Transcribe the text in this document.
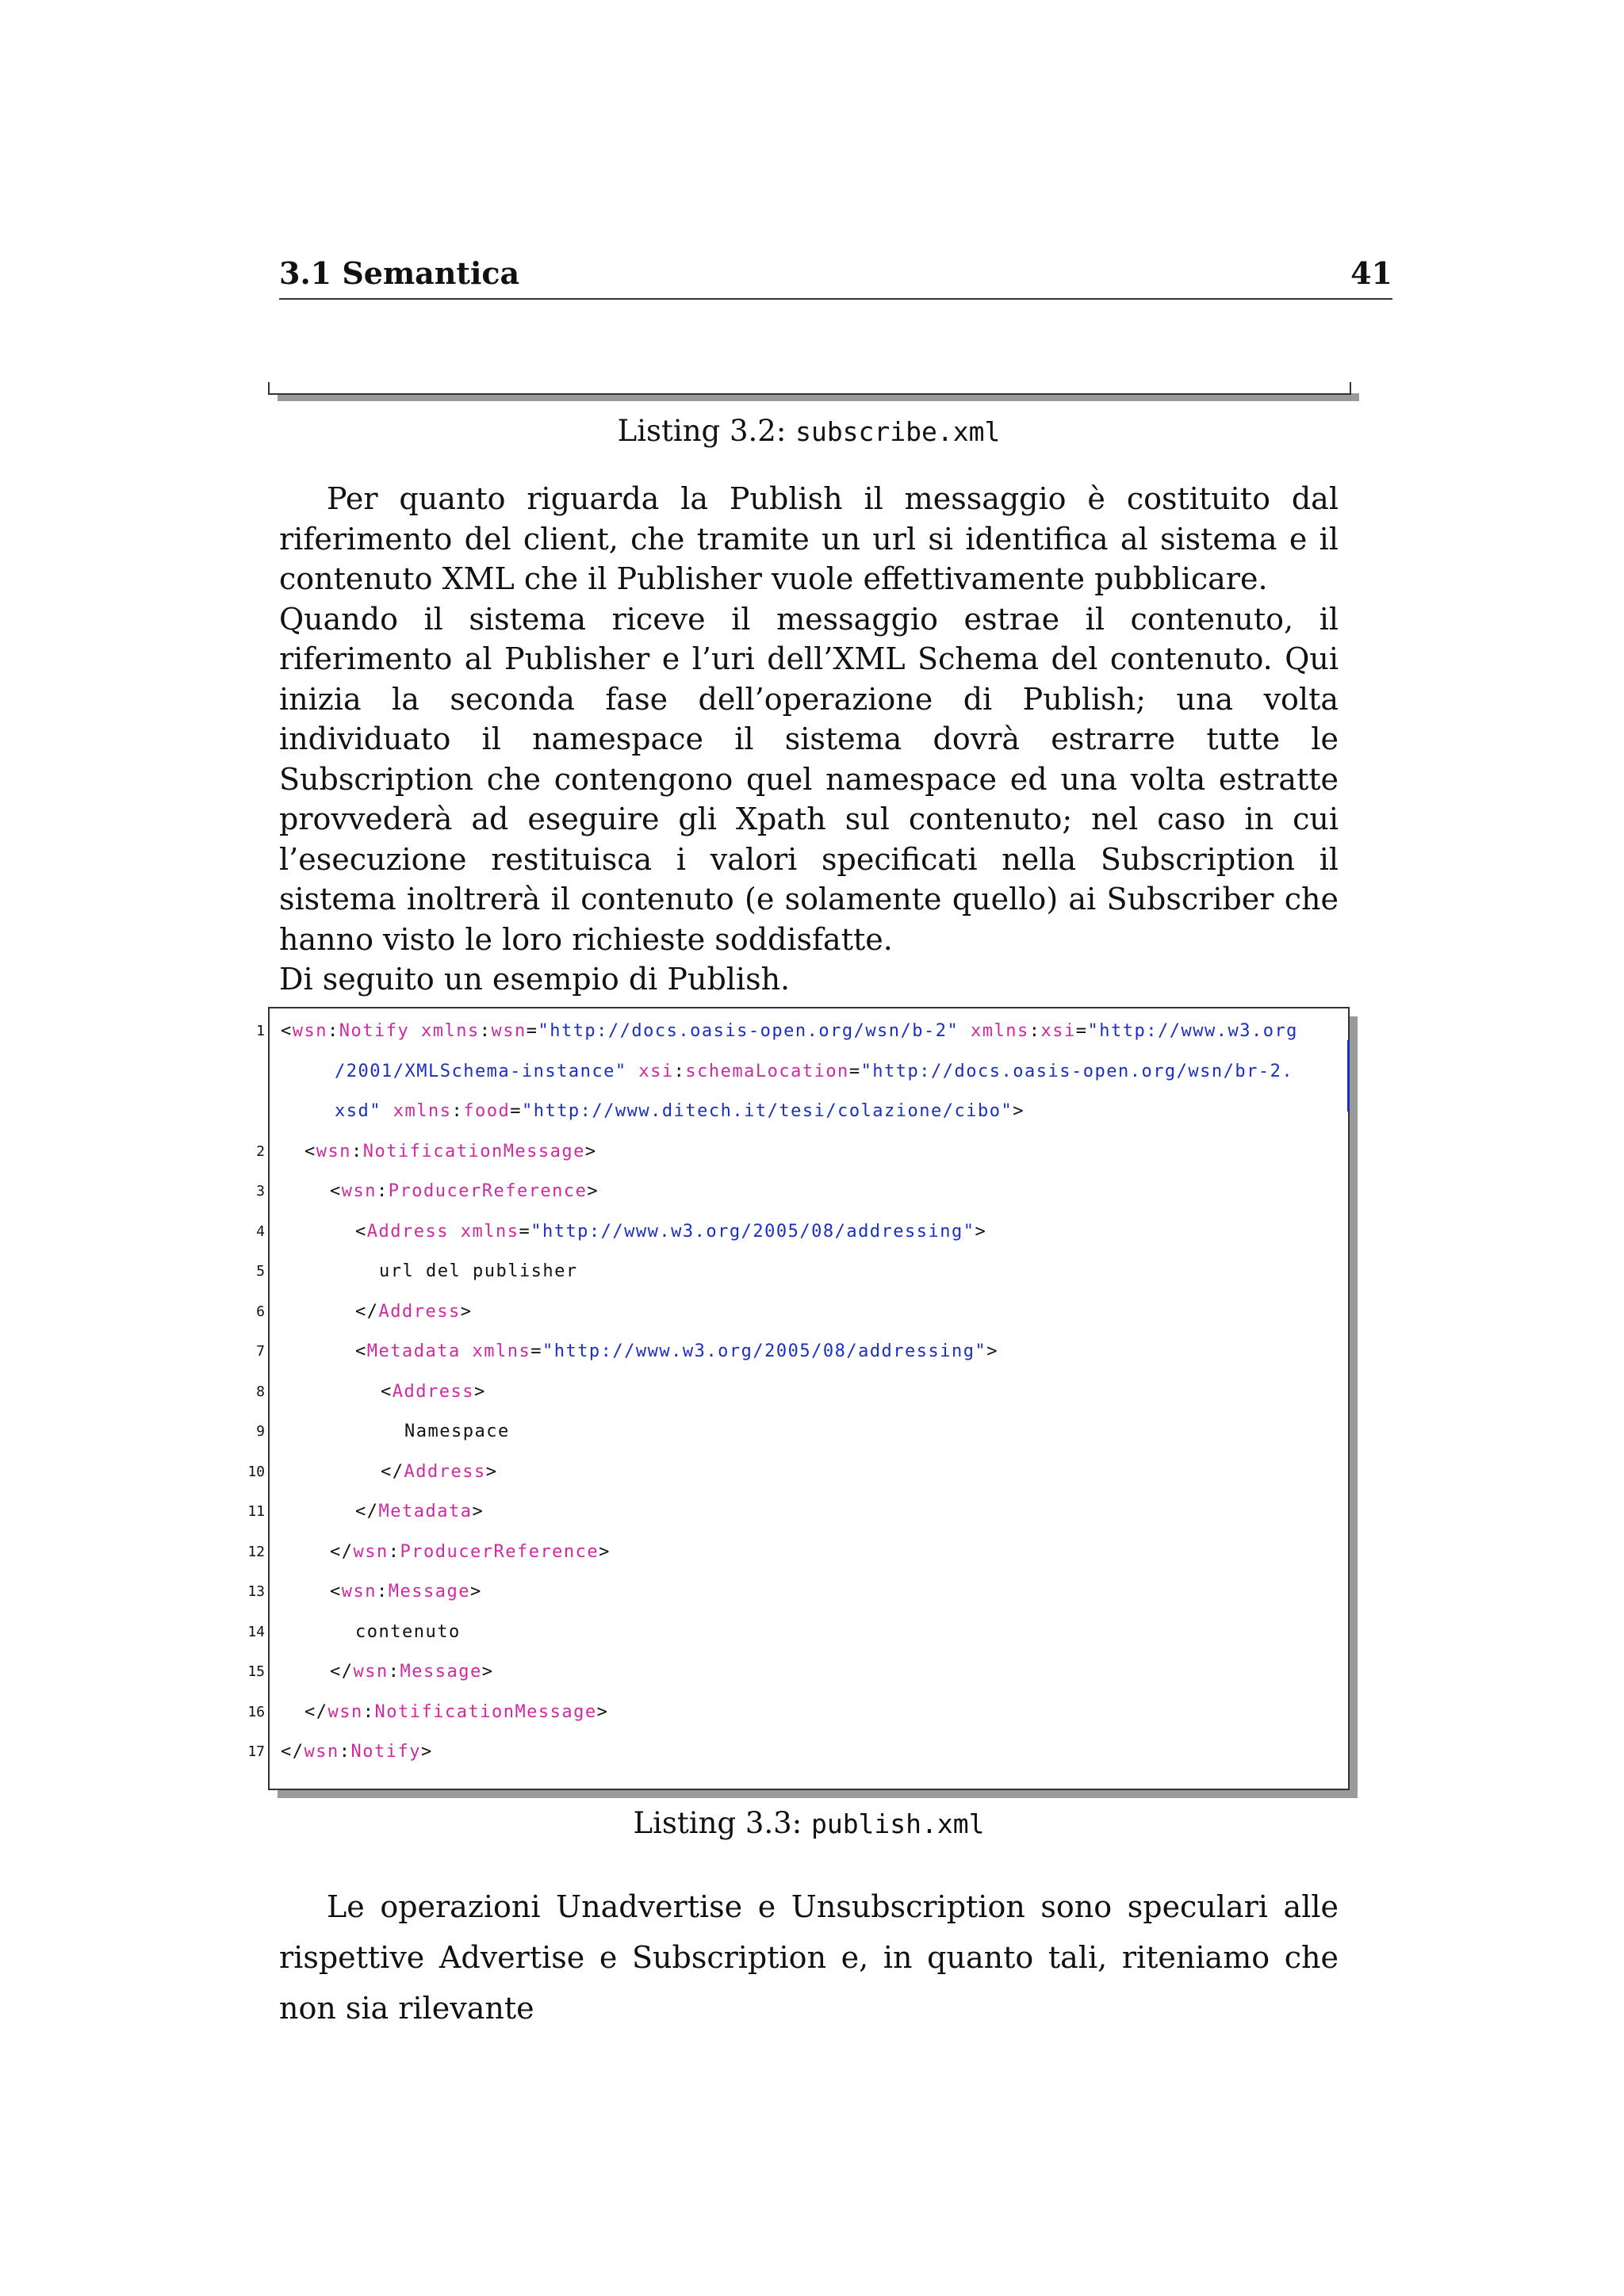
3.1 Semantica	41
Listing 3.2: subscribe.xml

Per quanto riguarda la Publish il messaggio è costituito dal riferimento del client, che tramite un url si identifica al sistema e il contenuto XML che il Publisher vuole effettivamente pubblicare.

Quando il sistema riceve il messaggio estrae il contenuto, il riferimento al Publisher e l’uri dell’XML Schema del contenuto. Qui inizia la seconda fase dell’operazione di Publish; una volta individuato il namespace il sistema dovrà estrarre tutte le Subscription che contengono quel namespace ed una volta estratte provvederà ad eseguire gli Xpath sul contenuto; nel caso in cui l’esecuzione restituisca i valori specificati nella Subscription il sistema inoltrerà il contenuto (e solamente quello) ai Subscriber che hanno visto le loro richieste soddisfatte.

Di seguito un esempio di Publish.

1 <wsn:Notify xmlns:wsn="http://docs.oasis-open.org/wsn/b-2" xmlns:xsi="http://www.w3.org
/2001/XMLSchema-instance" xsi:schemaLocation="http://docs.oasis-open.org/wsn/br-2.
xsd" xmlns:food="http://www.ditech.it/tesi/colazione/cibo">
2 <wsn:NotificationMessage>
3	<wsn:ProducerReference>
4	<Address xmlns="http://www.w3.org/2005/08/addressing">
5	url del publisher
6	</Address>
7	<Metadata xmlns="http://www.w3.org/2005/08/addressing">
8	<Address>
9	Namespace
10	</Address>
11	</Metadata>
12	</wsn:ProducerReference>
13	<wsn:Message>
14	contenuto
15	</wsn:Message>
16 </wsn:NotificationMessage>
17 </wsn:Notify>
Listing 3.3: publish.xml

Le operazioni Unadvertise e Unsubscription sono speculari alle rispettive Advertise e Subscription e, in quanto tali, riteniamo che non sia rilevante
